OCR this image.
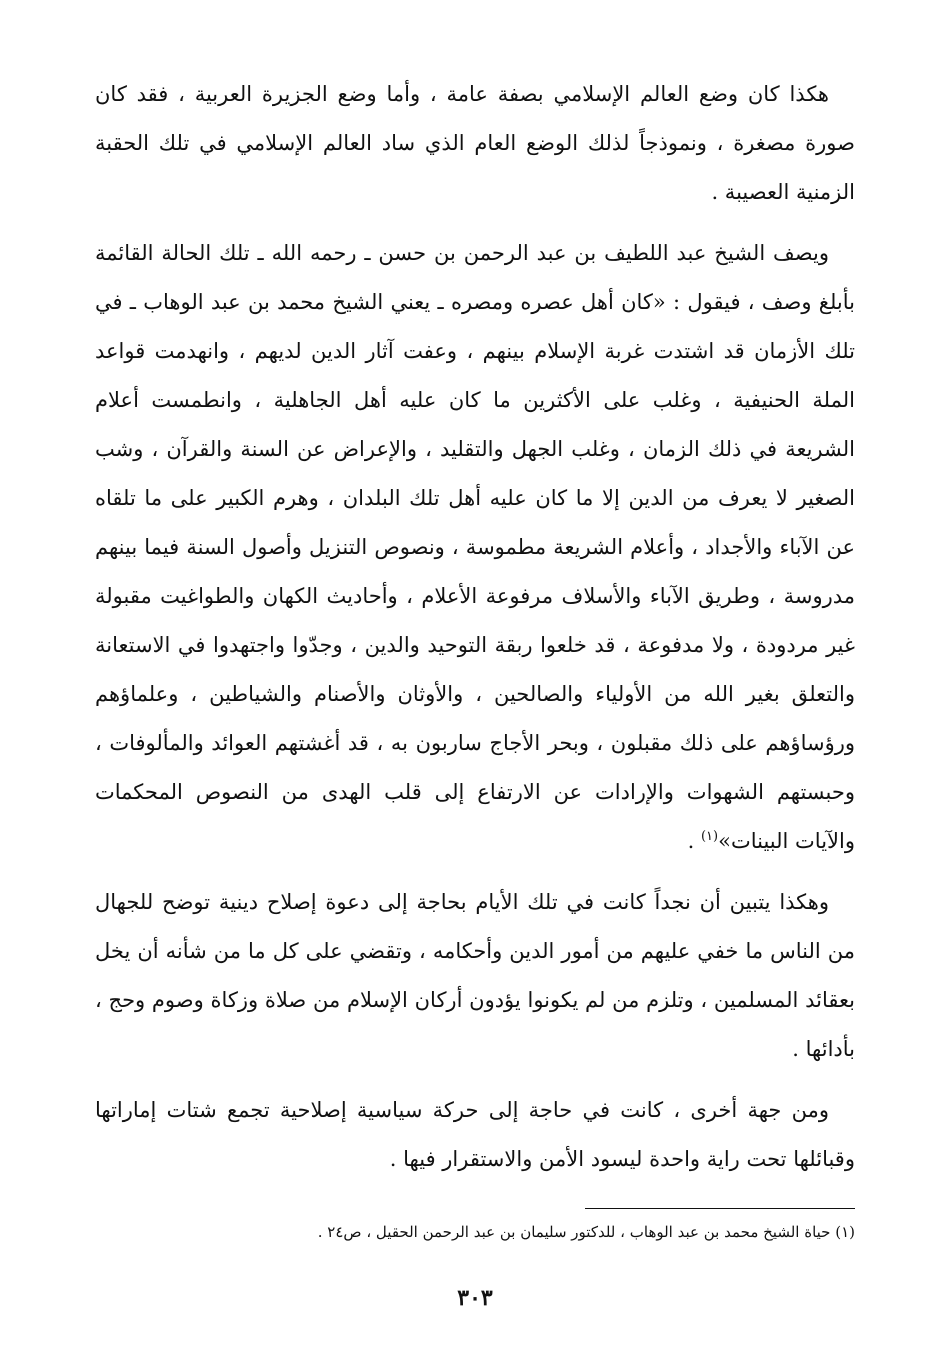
هكذا كان وضع العالم الإسلامي بصفة عامة ، وأما وضع الجزيرة العربية ، فقد كان صورة مصغرة ، ونموذجاً لذلك الوضع العام الذي ساد العالم الإسلامي في تلك الحقبة الزمنية العصيبة .

ويصف الشيخ عبد اللطيف بن عبد الرحمن بن حسن ـ رحمه الله ـ تلك الحالة القائمة بأبلغ وصف ، فيقول : «كان أهل عصره ومصره ـ يعني الشيخ محمد بن عبد الوهاب ـ في تلك الأزمان قد اشتدت غربة الإسلام بينهم ، وعفت آثار الدين لديهم ، وانهدمت قواعد الملة الحنيفية ، وغلب على الأكثرين ما كان عليه أهل الجاهلية ، وانطمست أعلام الشريعة في ذلك الزمان ، وغلب الجهل والتقليد ، والإعراض عن السنة والقرآن ، وشب الصغير لا يعرف من الدين إلا ما كان عليه أهل تلك البلدان ، وهرم الكبير على ما تلقاه عن الآباء والأجداد ، وأعلام الشريعة مطموسة ، ونصوص التنزيل وأصول السنة فيما بينهم مدروسة ، وطريق الآباء والأسلاف مرفوعة الأعلام ، وأحاديث الكهان والطواغيت مقبولة غير مردودة ، ولا مدفوعة ، قد خلعوا ربقة التوحيد والدين ، وجدّوا واجتهدوا في الاستعانة والتعلق بغير الله من الأولياء والصالحين ، والأوثان والأصنام والشياطين ، وعلماؤهم ورؤساؤهم على ذلك مقبلون ، وبحر الأجاج ساربون به ، قد أغشتهم العوائد والمألوفات ، وحبستهم الشهوات والإرادات عن الارتفاع إلى قلب الهدى من النصوص المحكمات والآيات البينات»$^{(١)}$ .

وهكذا يتبين أن نجداً كانت في تلك الأيام بحاجة إلى دعوة إصلاح دينية توضح للجهال من الناس ما خفي عليهم من أمور الدين وأحكامه ، وتقضي على كل ما من شأنه أن يخل بعقائد المسلمين ، وتلزم من لم يكونوا يؤدون أركان الإسلام من صلاة وزكاة وصوم وحج ، بأدائها .

ومن جهة أخرى ، كانت في حاجة إلى حركة سياسية إصلاحية تجمع شتات إماراتها وقبائلها تحت راية واحدة ليسود الأمن والاستقرار فيها .

(١) حياة الشيخ محمد بن عبد الوهاب ، للدكتور سليمان بن عبد الرحمن الحقيل ، ص٢٤ .

٣٠٣
